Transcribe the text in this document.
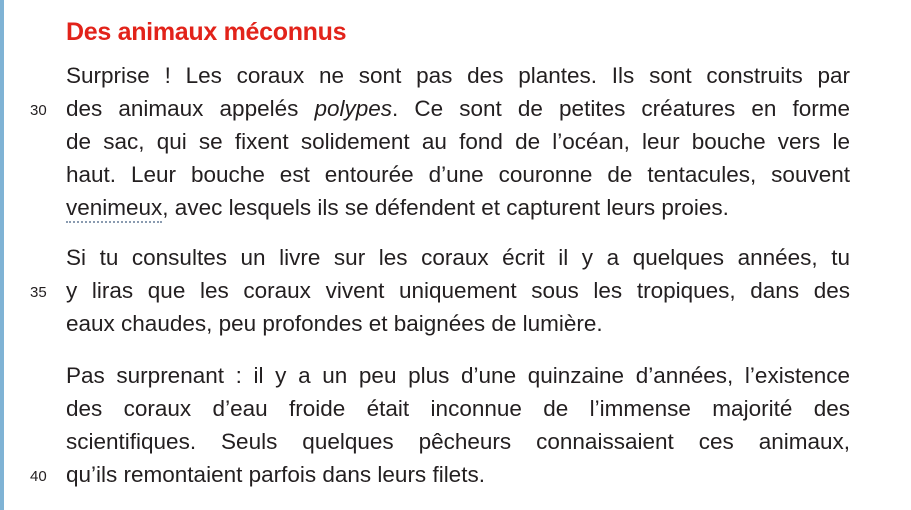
Des animaux méconnus
Surprise ! Les coraux ne sont pas des plantes. Ils sont construits par
30 des animaux appelés polypes. Ce sont de petites créatures en forme
de sac, qui se fixent solidement au fond de l’océan, leur bouche vers le
haut. Leur bouche est entourée d’une couronne de tentacules, souvent
venimeux, avec lesquels ils se défendent et capturent leurs proies.
Si tu consultes un livre sur les coraux écrit il y a quelques années, tu
35 y liras que les coraux vivent uniquement sous les tropiques, dans des
eaux chaudes, peu profondes et baignées de lumière.
Pas surprenant : il y a un peu plus d’une quinzaine d’années, l’existence
des coraux d’eau froide était inconnue de l’immense majorité des
scientifiques. Seuls quelques pêcheurs connaissaient ces animaux,
40 qu’ils remontaient parfois dans leurs filets.
